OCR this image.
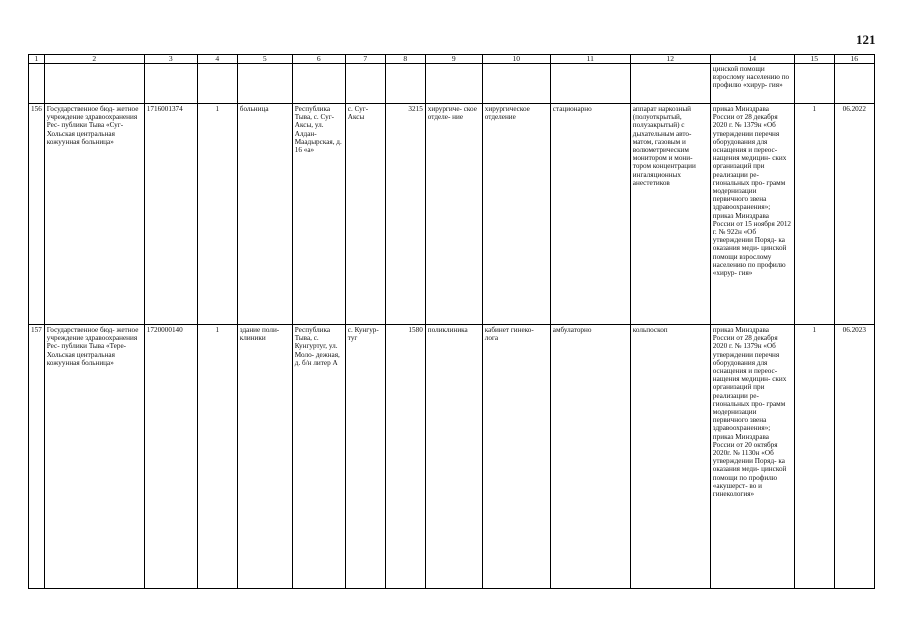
121
1	2	3	4	5	6	7	8	9	10	11	12	14	15	16
												цинской помощи взрослому населению по профилю «хирур- гия»		
156	Государственное бюд- жетное учреждение здравоохранения Рес- публики Тыва «Суг- Хольская центральная кожуунная больница»	1716001374	1	больница	Республика Тыва, с. Суг- Аксы, ул. Алдан- Маадырская, д. 16 «а»	с. Суг-Аксы	3215	хирургиче- ское отделе- ние	хирургическое отделение	стационарно	аппарат наркозный (полуоткрытый, полузакрытый) с дыхательным авто- матом, газовым и волюметрическим монитором и мони- тором концентрации ингаляционных анестетиков	приказ Минздрава России от 28 декабря 2020 г. № 1379н «Об утверждении перечня оборудования для оснащения и переос- нащения медицин- ских организаций при реализации ре- гиональных про- грамм модернизации первичного звена здравоохранения»; приказ Минздрава России от 15 ноября 2012 г. № 922н «Об утверждении Поряд- ка оказания меди- цинской помощи взрослому населению по профилю «хирур- гия»	1	06.2022
157	Государственное бюд- жетное учреждение здравоохранения Рес- публики Тыва «Тере- Хольская центральная кожуунная больница»	1720000140	1	здание поли- клиники	Республика Тыва, с. Кунгуртуг, ул. Моло- дежная, д. б/н литер А	с. Кунгур- туг	1580	поликлиника	кабинет гинеко- лога	амбулаторно	кольпоскоп	приказ Минздрава России от 28 декабря 2020 г. № 1379н «Об утверждении перечня оборудования для оснащения и переос- нащения медицин- ских организаций при реализации ре- гиональных про- грамм модернизации первичного звена здравоохранения»; приказ Минздрава России от 20 октября 2020г. № 1130н «Об утверждении Поряд- ка оказания меди- цинской помощи по профилю «акушерст- во и гинекология»	1	06.2023
